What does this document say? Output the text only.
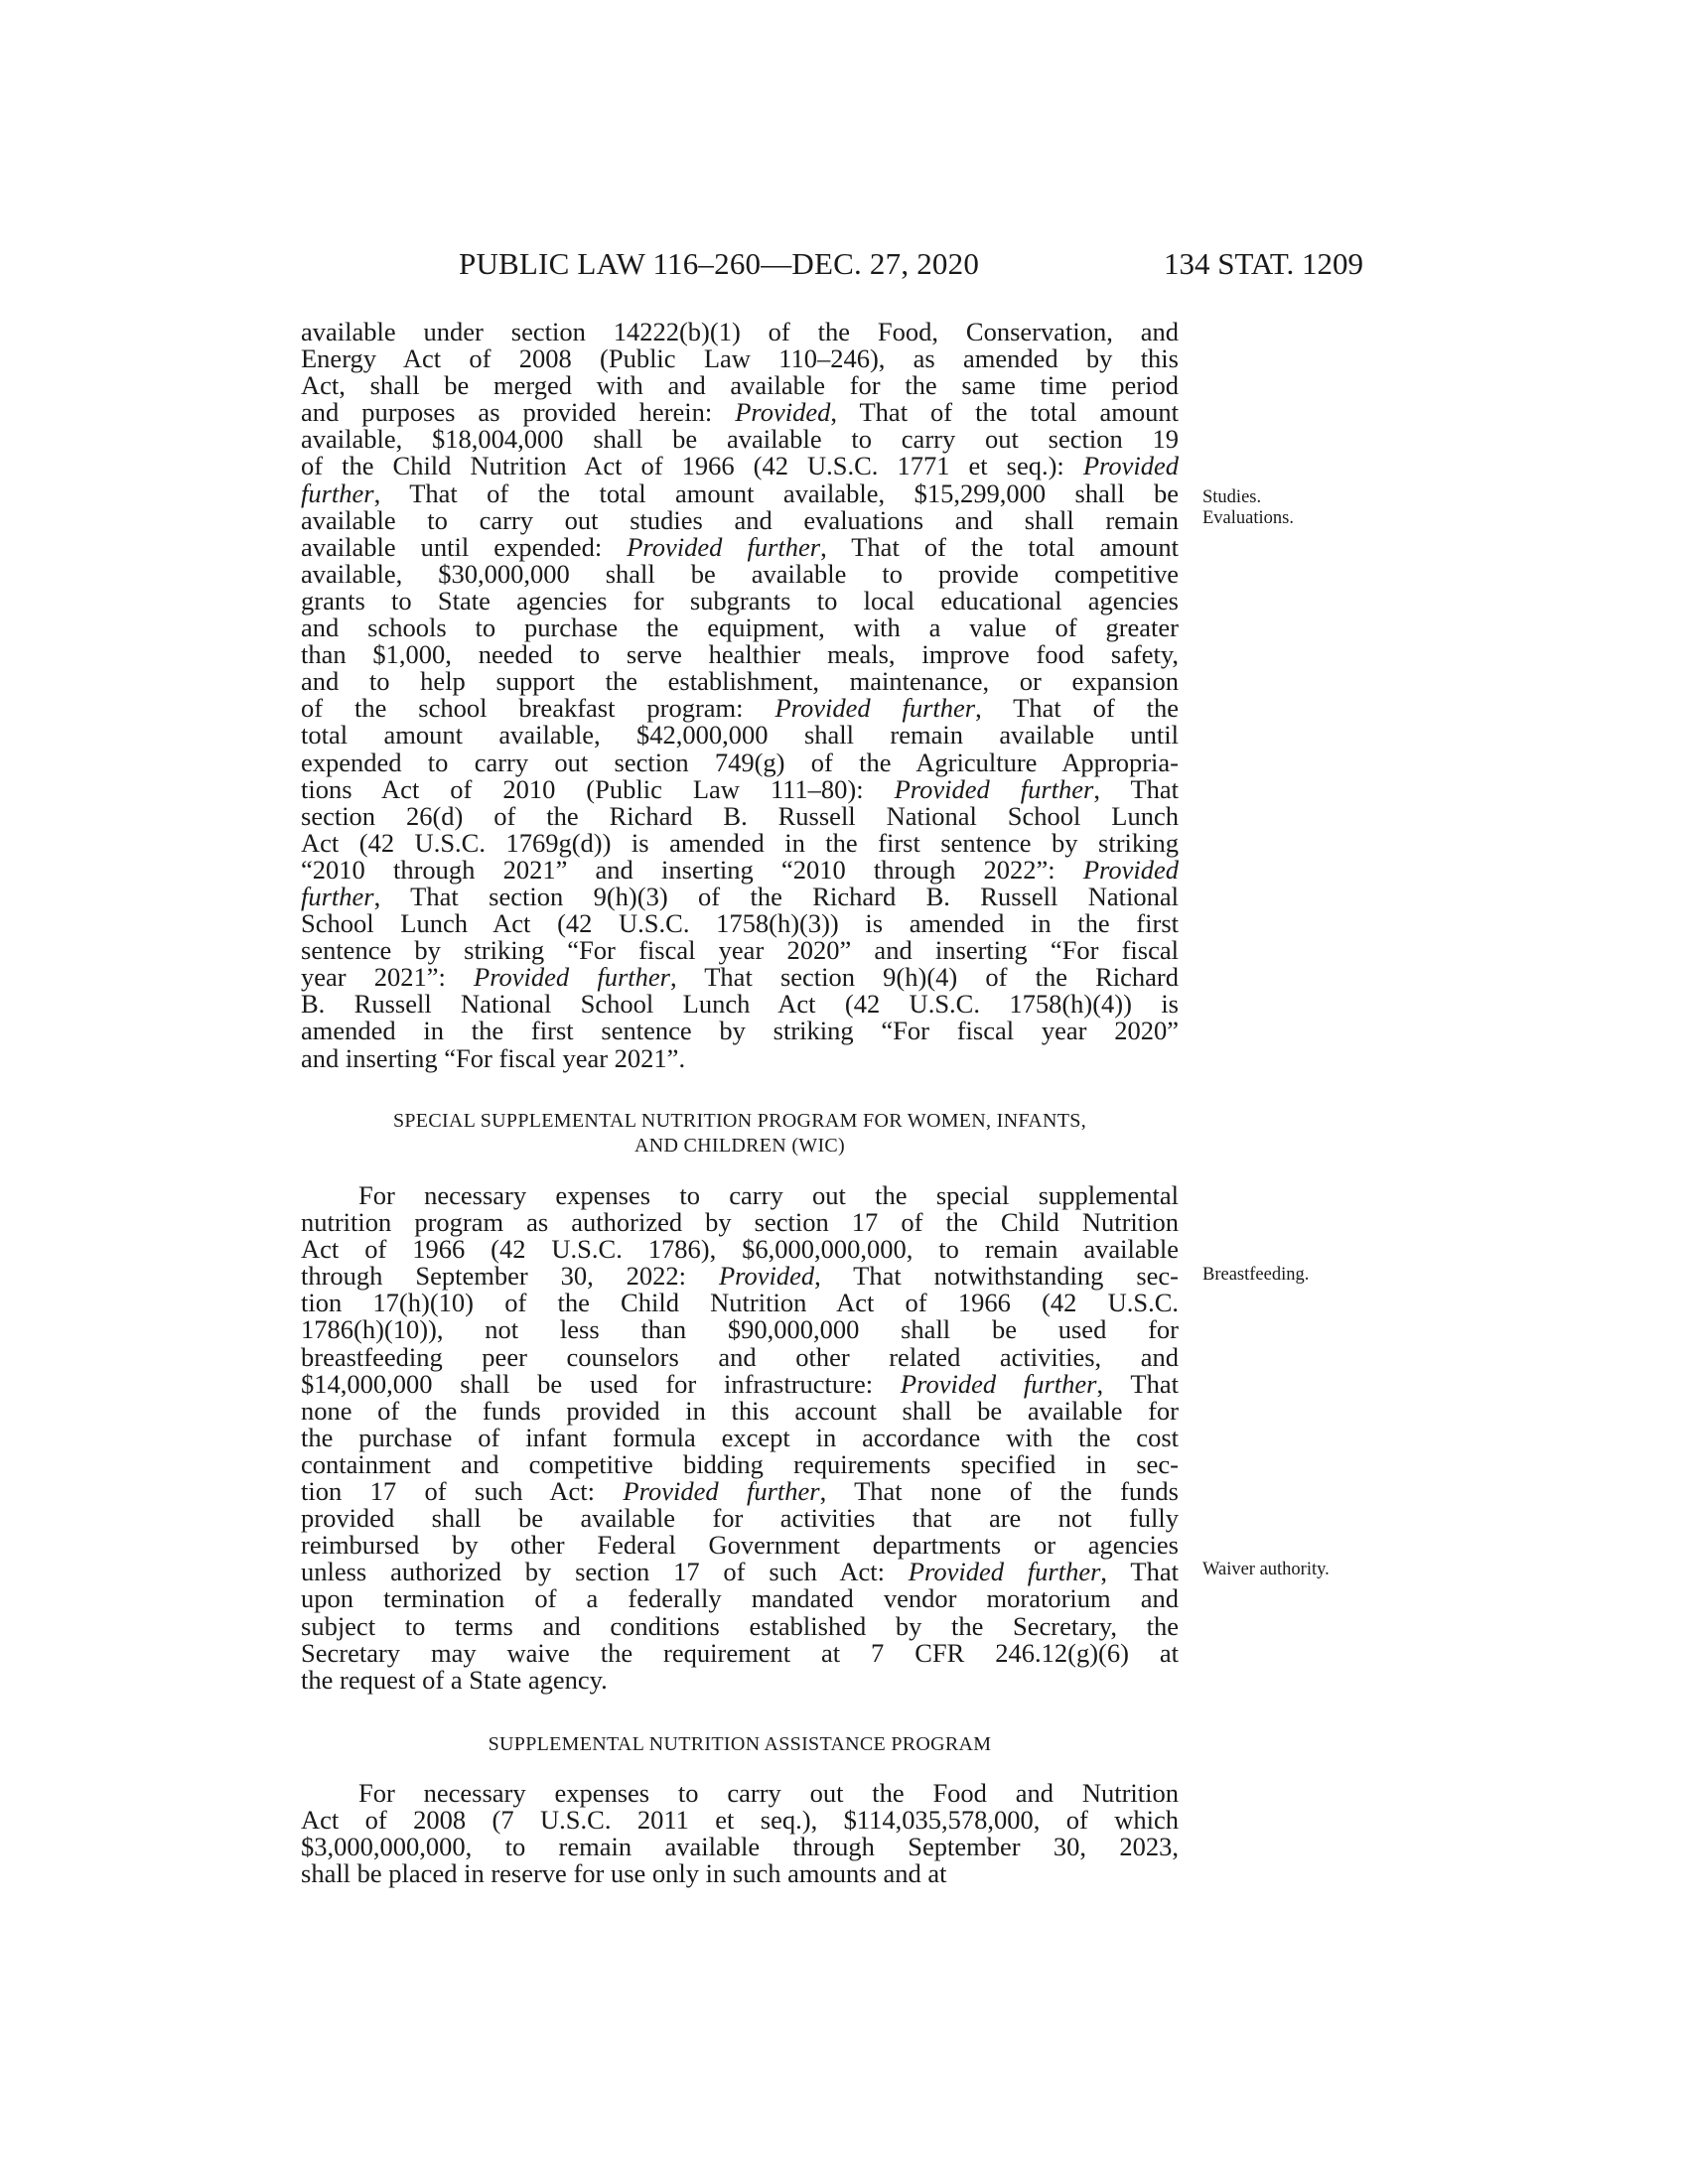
PUBLIC LAW 116–260—DEC. 27, 2020	134 STAT. 1209
available under section 14222(b)(1) of the Food, Conservation, and
Energy Act of 2008 (Public Law 110–246), as amended by this
Act, shall be merged with and available for the same time period
and purposes as provided herein: Provided, That of the total amount
available, $18,004,000 shall be available to carry out section 19
of the Child Nutrition Act of 1966 (42 U.S.C. 1771 et seq.): Provided
further, That of the total amount available, $15,299,000 shall be
available to carry out studies and evaluations and shall remain
available until expended: Provided further, That of the total amount
available, $30,000,000 shall be available to provide competitive
grants to State agencies for subgrants to local educational agencies
and schools to purchase the equipment, with a value of greater
than $1,000, needed to serve healthier meals, improve food safety,
and to help support the establishment, maintenance, or expansion
of the school breakfast program: Provided further, That of the
total amount available, $42,000,000 shall remain available until
expended to carry out section 749(g) of the Agriculture Appropria-
tions Act of 2010 (Public Law 111–80): Provided further, That
section 26(d) of the Richard B. Russell National School Lunch
Act (42 U.S.C. 1769g(d)) is amended in the first sentence by striking
“2010 through 2021” and inserting “2010 through 2022”: Provided
further, That section 9(h)(3) of the Richard B. Russell National
School Lunch Act (42 U.S.C. 1758(h)(3)) is amended in the first
sentence by striking “For fiscal year 2020” and inserting “For fiscal
year 2021”: Provided further, That section 9(h)(4) of the Richard
B. Russell National School Lunch Act (42 U.S.C. 1758(h)(4)) is
amended in the first sentence by striking “For fiscal year 2020”
and inserting “For fiscal year 2021”.
SPECIAL SUPPLEMENTAL NUTRITION PROGRAM FOR WOMEN, INFANTS,
AND CHILDREN (WIC)
For necessary expenses to carry out the special supplemental
nutrition program as authorized by section 17 of the Child Nutrition
Act of 1966 (42 U.S.C. 1786), $6,000,000,000, to remain available
through September 30, 2022: Provided, That notwithstanding sec-
tion 17(h)(10) of the Child Nutrition Act of 1966 (42 U.S.C.
1786(h)(10)), not less than $90,000,000 shall be used for
breastfeeding peer counselors and other related activities, and
$14,000,000 shall be used for infrastructure: Provided further, That
none of the funds provided in this account shall be available for
the purchase of infant formula except in accordance with the cost
containment and competitive bidding requirements specified in sec-
tion 17 of such Act: Provided further, That none of the funds
provided shall be available for activities that are not fully
reimbursed by other Federal Government departments or agencies
unless authorized by section 17 of such Act: Provided further, That
upon termination of a federally mandated vendor moratorium and
subject to terms and conditions established by the Secretary, the
Secretary may waive the requirement at 7 CFR 246.12(g)(6) at
the request of a State agency.
SUPPLEMENTAL NUTRITION ASSISTANCE PROGRAM
For necessary expenses to carry out the Food and Nutrition
Act of 2008 (7 U.S.C. 2011 et seq.), $114,035,578,000, of which
$3,000,000,000, to remain available through September 30, 2023,
shall be placed in reserve for use only in such amounts and at
Studies.
Evaluations.
Breastfeeding.
Waiver authority.
